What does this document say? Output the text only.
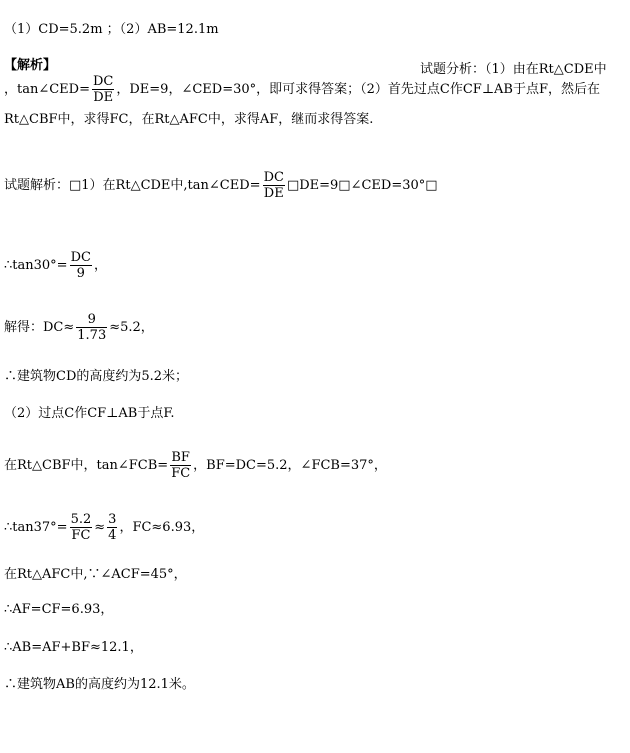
（1）CD=5.2m ；（2）AB=12.1m
【解析】	试题分析：（1）由在Rt△CDE中
，tan∠CED= $\frac{DC}{DE}$ ，DE=9，∠CED=30°，即可求得答案；（2）首先过点C作CF⊥AB于点F，然后在
Rt△CBF中，求得FC，在Rt△AFC中，求得AF，继而求得答案.
试题解析：□1）在Rt△CDE中,tan∠CED= $\frac{DC}{DE}$ □DE=9□∠CED=30°□
∴tan30°= $\frac{DC}{9}$ ，
解得：$DC\approx \frac{9}{1.73} \approx 5.2$，
∴建筑物CD的高度约为5.2米；
（2）过点C作CF⊥AB于点F.
在Rt△CBF中，tan∠FCB= $\frac{BF}{FC}$ ，BF=DC=5.2，∠FCB=37°，
∴tan37°= $\frac{5.2}{FC} \approx \frac{3}{4}$ ，FC≈6.93，
在Rt△AFC中,∵∠ACF=45°，
∴AF=CF=6.93，
∴AB=AF+BF≈12.1，
∴建筑物AB的高度约为12.1米。
